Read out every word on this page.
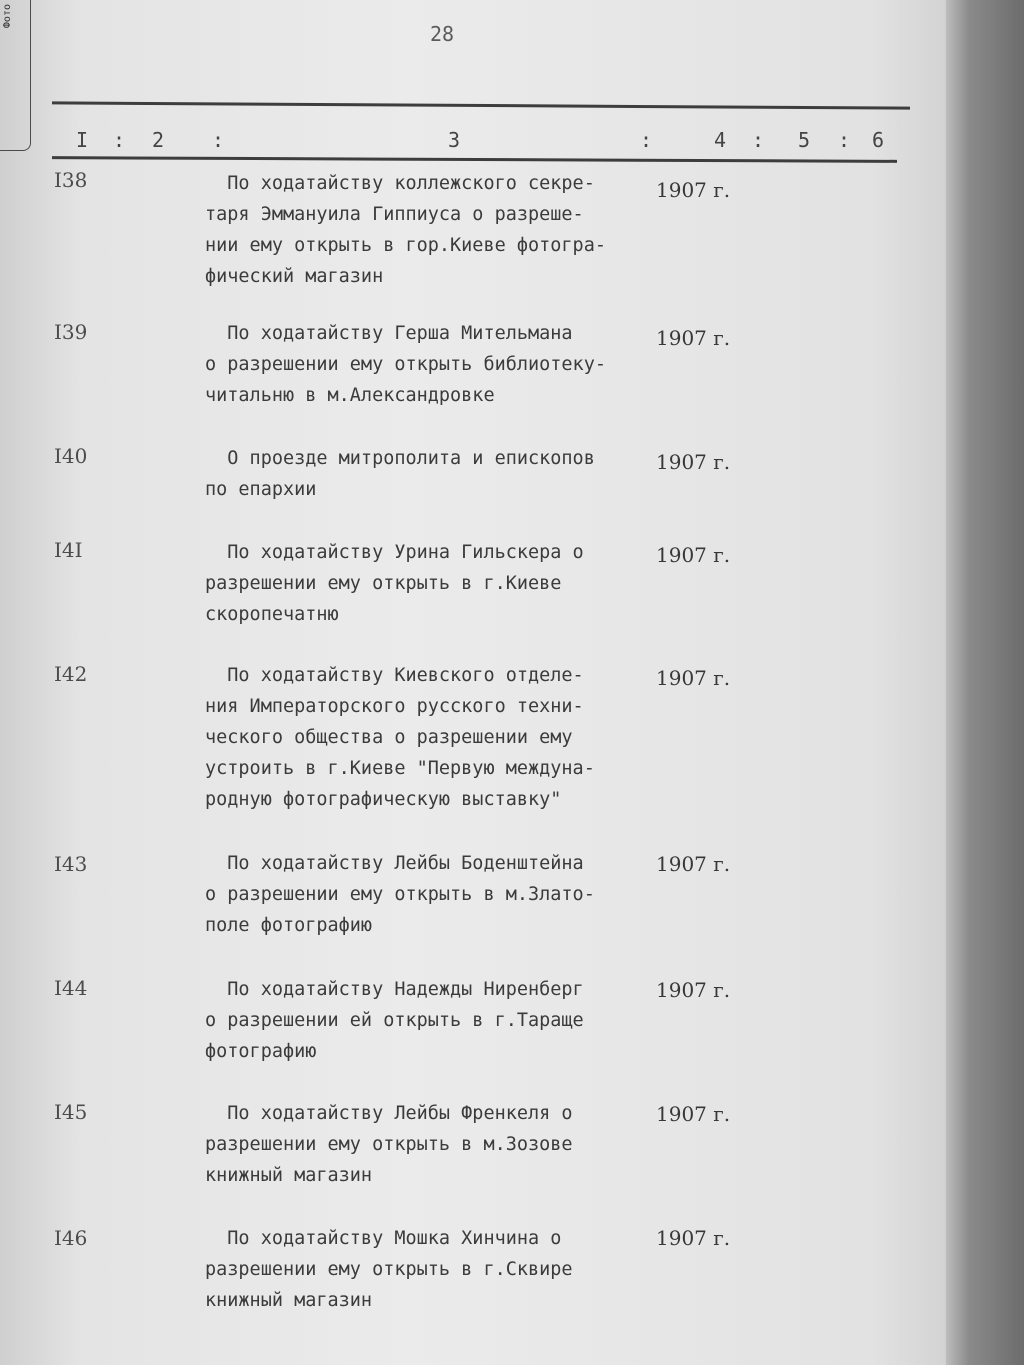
Фото
28
I : 2 :	3	:	4 : 5 : 6
I38	По ходатайству коллежского секре-
таря Эммануила Гиппиуса о разреше-
нии ему открыть в гор.Киеве фотогра-
фический магазин
1907 г.
I39	По ходатайству Герша Мительмана
о разрешении ему открыть библиотеку-
читальню в м.Александровке
1907 г.
I40	О проезде митрополита и епископов
по епархии
1907 г.
I4I	По ходатайству Урина Гильскера о
разрешении ему открыть в г.Киеве
скоропечатню
1907 г.
I42	По ходатайству Киевского отделе-
ния Императорского русского техни-
ческого общества о разрешении ему
устроить в г.Киеве "Первую междуна-
родную фотографическую выставку"
1907 г.
I43	По ходатайству Лейбы Боденштейна
о разрешении ему открыть в м.Злато-
поле фотографию
1907 г.
I44	По ходатайству Надежды Ниренберг
о разрешении ей открыть в г.Тараще
фотографию
1907 г.
I45	По ходатайству Лейбы Френкеля о
разрешении ему открыть в м.Зозове
книжный магазин
1907 г.
I46	По ходатайству Мошка Хинчина о
разрешении ему открыть в г.Сквире
книжный магазин
1907 г.
